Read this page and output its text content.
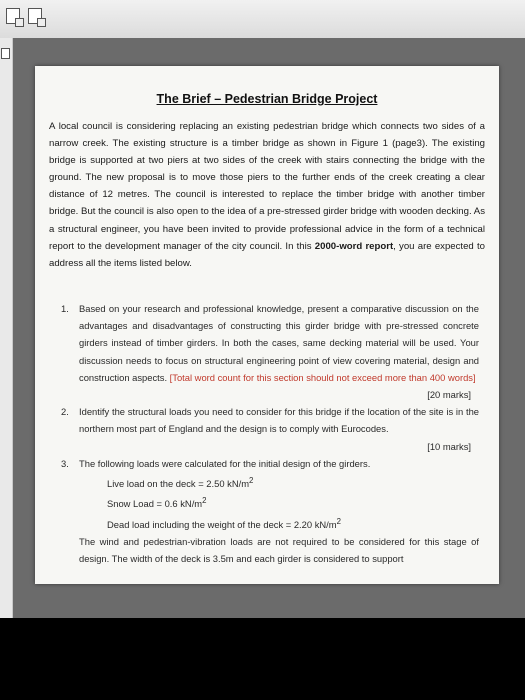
The Brief – Pedestrian Bridge Project
A local council is considering replacing an existing pedestrian bridge which connects two sides of a narrow creek. The existing structure is a timber bridge as shown in Figure 1 (page3). The existing bridge is supported at two piers at two sides of the creek with stairs connecting the bridge with the ground. The new proposal is to move those piers to the further ends of the creek creating a clear distance of 12 metres. The council is interested to replace the timber bridge with another timber bridge. But the council is also open to the idea of a pre-stressed girder bridge with wooden decking. As a structural engineer, you have been invited to provide professional advice in the form of a technical report to the development manager of the city council. In this 2000-word report, you are expected to address all the items listed below.
1. Based on your research and professional knowledge, present a comparative discussion on the advantages and disadvantages of constructing this girder bridge with pre-stressed concrete girders instead of timber girders. In both the cases, same decking material will be used. Your discussion needs to focus on structural engineering point of view covering material, design and construction aspects. [Total word count for this section should not exceed more than 400 words]
[20 marks]
2. Identify the structural loads you need to consider for this bridge if the location of the site is in the northern most part of England and the design is to comply with Eurocodes.
[10 marks]
3. The following loads were calculated for the initial design of the girders.
Live load on the deck = 2.50 $kN/m^2$
Snow Load = 0.6 $kN/m^2$
Dead load including the weight of the deck = 2.20 $kN/m^2$
The wind and pedestrian-vibration loads are not required to be considered for this stage of design. The width of the deck is 3.5m and each girder is considered to support
